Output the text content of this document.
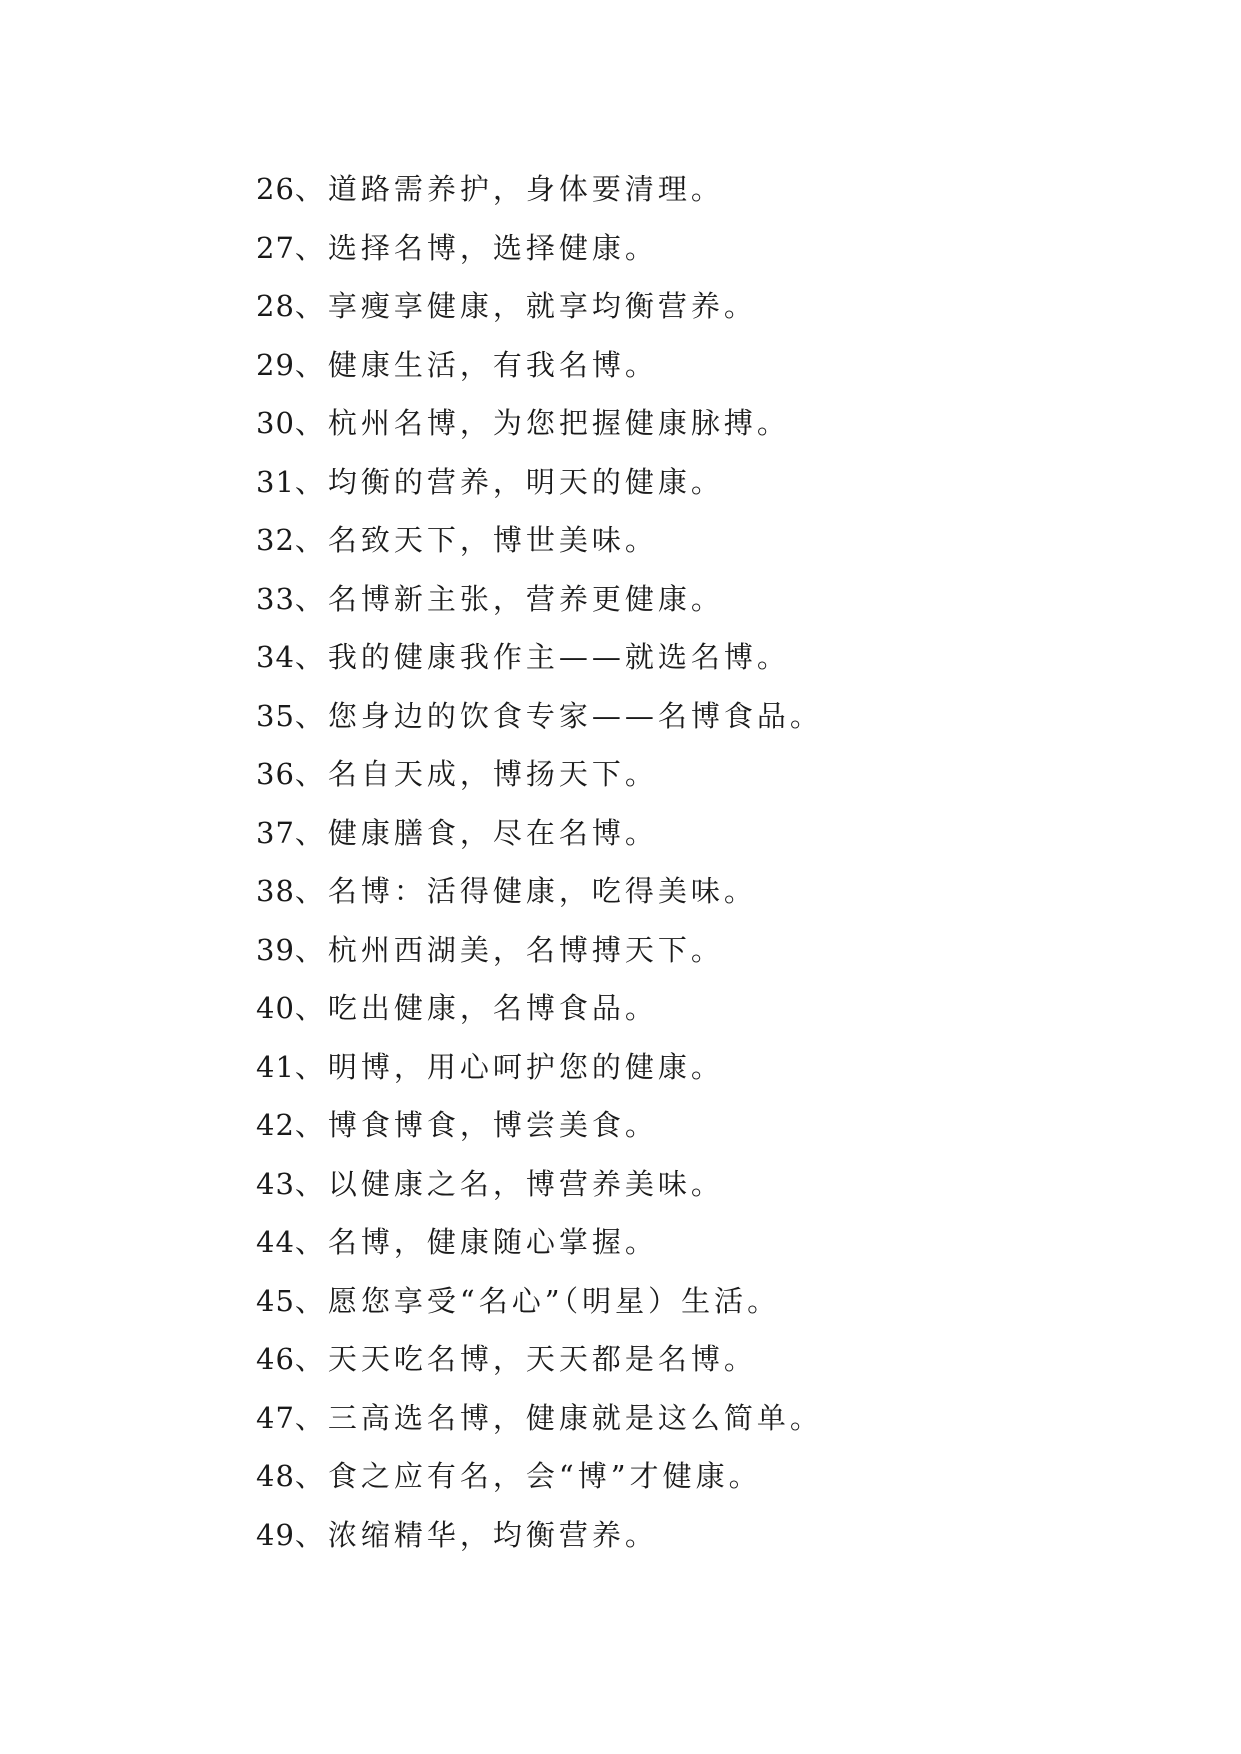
26 、 道路需养护，身体要清理。
27 、 选择名博，选择健康。
28 、 享瘦享健康，就享均衡营养。
29 、 健康生活，有我名博。
30 、 杭州名博，为您把握健康脉搏。
31 、 均衡的营养，明天的健康。
32 、 名致天下，博世美味。
33 、 名博新主张，营养更健康。
34 、 我的健康我作主——就选名博。
35 、 您身边的饮食专家——名博食品。
36 、 名自天成，博扬天下。
37 、 健康膳食，尽在名博。
38 、 名博：活得健康，吃得美味。
39 、 杭州西湖美，名博搏天下。
40 、 吃出健康，名博食品。
41 、 明博，用心呵护您的健康。
42 、 博食博食，博尝美食。
43 、 以健康之名，博营养美味。
44 、 名博，健康随心掌握。
45 、 愿您享受“名心”（明星）生活。
46 、 天天吃名博，天天都是名博。
47 、 三高选名博，健康就是这么简单。
48 、 食之应有名，会“博”才健康。
49 、 浓缩精华，均衡营养。
